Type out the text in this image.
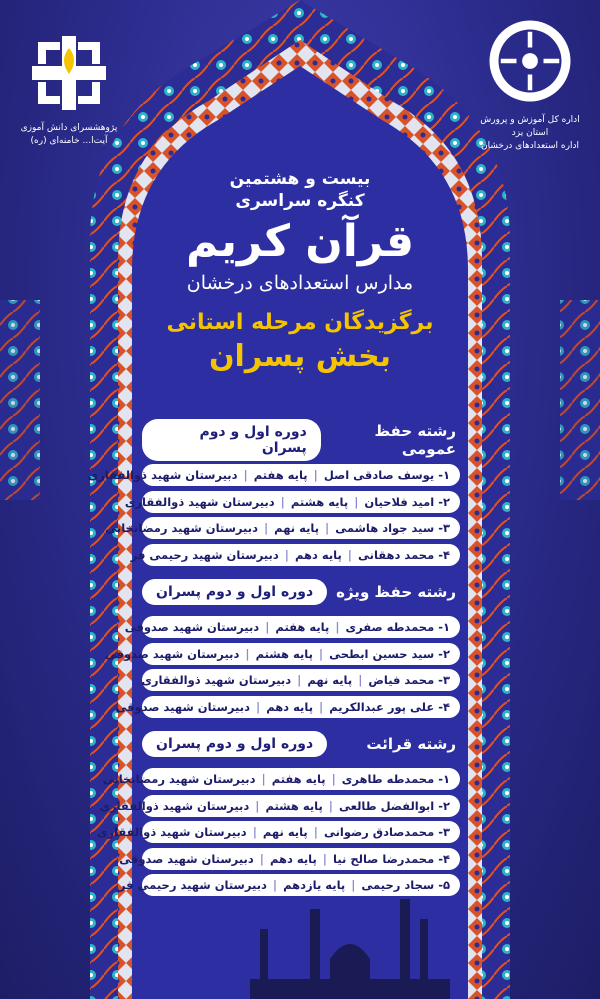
پژوهشسرای دانش آموزی
آیت‌ا... خامنه‌ای (ره)
اداره کل آموزش و پرورش استان یزد
اداره استعدادهای درخشان
بیست و هشتمین
کنگره سراسری
قرآن کریم
مدارس استعدادهای درخشان
برگزیدگان مرحله استانی
بخش پسران
رشته حفظ عمومی
دوره اول و دوم پسران
۱- یوسف صادقی اصل
|
پایه هفتم
|
دبیرستان شهید ذوالفقاری
۲- امید فلاحیان
|
پایه هشتم
|
دبیرستان شهید ذوالفقاری
۳- سید جواد هاشمی
|
پایه نهم
|
دبیرستان شهید رمضانخانی
۴- محمد دهقانی
|
پایه دهم
|
دبیرستان شهید رحیمی فر
رشته حفظ ویژه
دوره اول و دوم پسران
۱- محمدطه صفری
|
پایه هفتم
|
دبیرستان شهید صدوقی
۲- سید حسین ابطحی
|
پایه هشتم
|
دبیرستان شهید صدوقی
۳- محمد فیاض
|
پایه نهم
|
دبیرستان شهید ذوالفقاری
۴- علی پور عبدالکریم
|
پایه دهم
|
دبیرستان شهید صدوقی
رشته قرائت
دوره اول و دوم پسران
۱- محمدطه طاهری
|
پایه هفتم
|
دبیرستان شهید رمضانخانی
۲- ابوالفضل طالعی
|
پایه هشتم
|
دبیرستان شهید ذوالفقاری
۳- محمدصادق رضوانی
|
پایه نهم
|
دبیرستان شهید ذوالفقاری
۴- محمدرضا صالح نیا
|
پایه دهم
|
دبیرستان شهید صدوقی
۵- سجاد رحیمی
|
پایه یازدهم
|
دبیرستان شهید رحیمی فر
